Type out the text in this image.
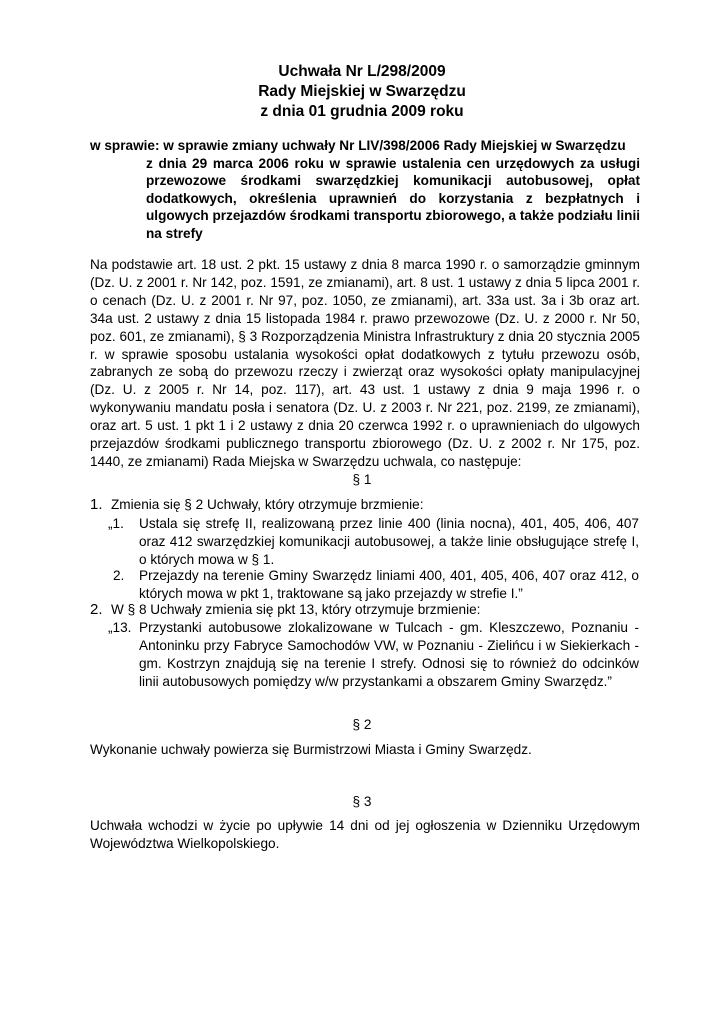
Uchwała Nr L/298/2009
Rady Miejskiej w Swarzędzu
z dnia 01 grudnia 2009 roku
w sprawie: w sprawie zmiany uchwały Nr LIV/398/2006 Rady Miejskiej w Swarzędzu
z dnia 29 marca 2006 roku w sprawie ustalenia cen urzędowych za usługi przewozowe środkami swarzędzkiej komunikacji autobusowej, opłat dodatkowych, określenia uprawnień do korzystania z bezpłatnych i ulgowych przejazdów środkami transportu zbiorowego, a także podziału linii na strefy
Na podstawie art. 18 ust. 2 pkt. 15 ustawy z dnia 8 marca 1990 r. o samorządzie gminnym (Dz. U. z 2001 r. Nr 142, poz. 1591, ze zmianami), art. 8 ust. 1 ustawy z dnia 5 lipca 2001 r. o cenach (Dz. U. z 2001 r. Nr 97, poz. 1050, ze zmianami), art. 33a ust. 3a i 3b oraz art. 34a ust. 2 ustawy z dnia 15 listopada 1984 r. prawo przewozowe (Dz. U. z 2000 r. Nr 50, poz. 601, ze zmianami), § 3 Rozporządzenia Ministra Infrastruktury z dnia 20 stycznia 2005 r. w sprawie sposobu ustalania wysokości opłat dodatkowych z tytułu przewozu osób, zabranych ze sobą do przewozu rzeczy i zwierząt oraz wysokości opłaty manipulacyjnej (Dz. U. z 2005 r. Nr 14, poz. 117), art. 43 ust. 1 ustawy z dnia 9 maja 1996 r. o wykonywaniu mandatu posła i senatora (Dz. U. z 2003 r. Nr 221, poz. 2199, ze zmianami), oraz art. 5 ust. 1 pkt 1 i 2 ustawy z dnia 20 czerwca 1992 r. o uprawnieniach do ulgowych przejazdów środkami publicznego transportu zbiorowego (Dz. U. z 2002 r. Nr 175, poz. 1440, ze zmianami) Rada Miejska w Swarzędzu uchwala, co następuje:
§ 1
1. Zmienia się § 2 Uchwały, który otrzymuje brzmienie:
„1. Ustala się strefę II, realizowaną przez linie 400 (linia nocna), 401, 405, 406, 407 oraz 412 swarzędzkiej komunikacji autobusowej, a także linie obsługujące strefę I, o których mowa w § 1.
2. Przejazdy na terenie Gminy Swarzędz liniami 400, 401, 405, 406, 407 oraz 412, o których mowa w pkt 1, traktowane są jako przejazdy w strefie I.”
2. W § 8 Uchwały zmienia się pkt 13, który otrzymuje brzmienie:
„13. Przystanki autobusowe zlokalizowane w Tulcach - gm. Kleszczewo, Poznaniu - Antoninku przy Fabryce Samochodów VW, w Poznaniu - Zielińcu i w Siekierkach - gm. Kostrzyn znajdują się na terenie I strefy. Odnosi się to również do odcinków linii autobusowych pomiędzy w/w przystankami a obszarem Gminy Swarzędz.”
§ 2
Wykonanie uchwały powierza się Burmistrzowi Miasta i Gminy Swarzędz.
§ 3
Uchwała wchodzi w życie po upływie 14 dni od jej ogłoszenia w Dzienniku Urzędowym Województwa Wielkopolskiego.
